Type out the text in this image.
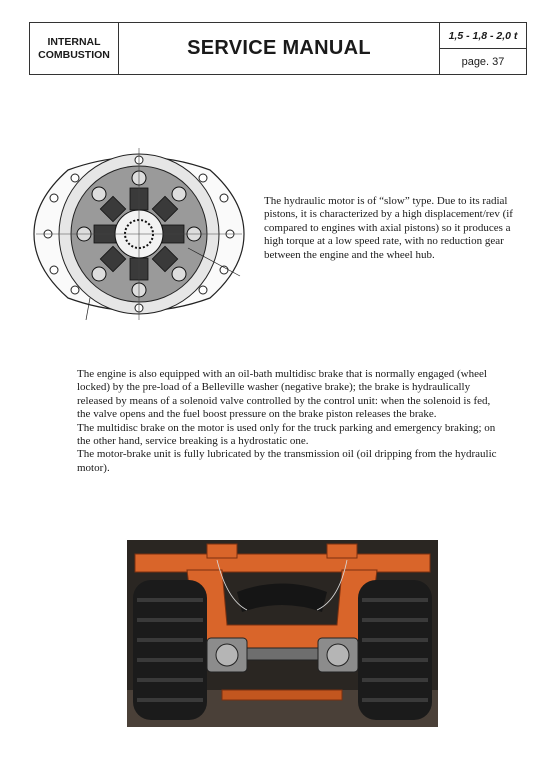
INTERNAL
COMBUSTION	SERVICE MANUAL
1,5 - 1,8 - 2,0 t
page. 37

The hydraulic motor is of “slow” type. Due to its radial pistons, it is characterized by a high displacement/rev (if compared to engines with axial pistons) so it produces a high torque at a low speed rate, with no reduction gear between the engine and the wheel hub.

The engine is also equipped with an oil-bath multidisc brake that is normally engaged (wheel locked) by the pre-load of a Belleville washer (negative brake); the brake is hydraulically released by means of a solenoid valve controlled by the control unit: when the solenoid is fed, the valve opens and the fuel boost pressure on the brake piston releases the brake.
The multidisc brake on the motor is used only for the truck parking and emergency braking; on the other hand, service breaking is a hydrostatic one.
The motor-brake unit is fully lubricated by the transmission oil (oil dripping from the hydraulic motor).
